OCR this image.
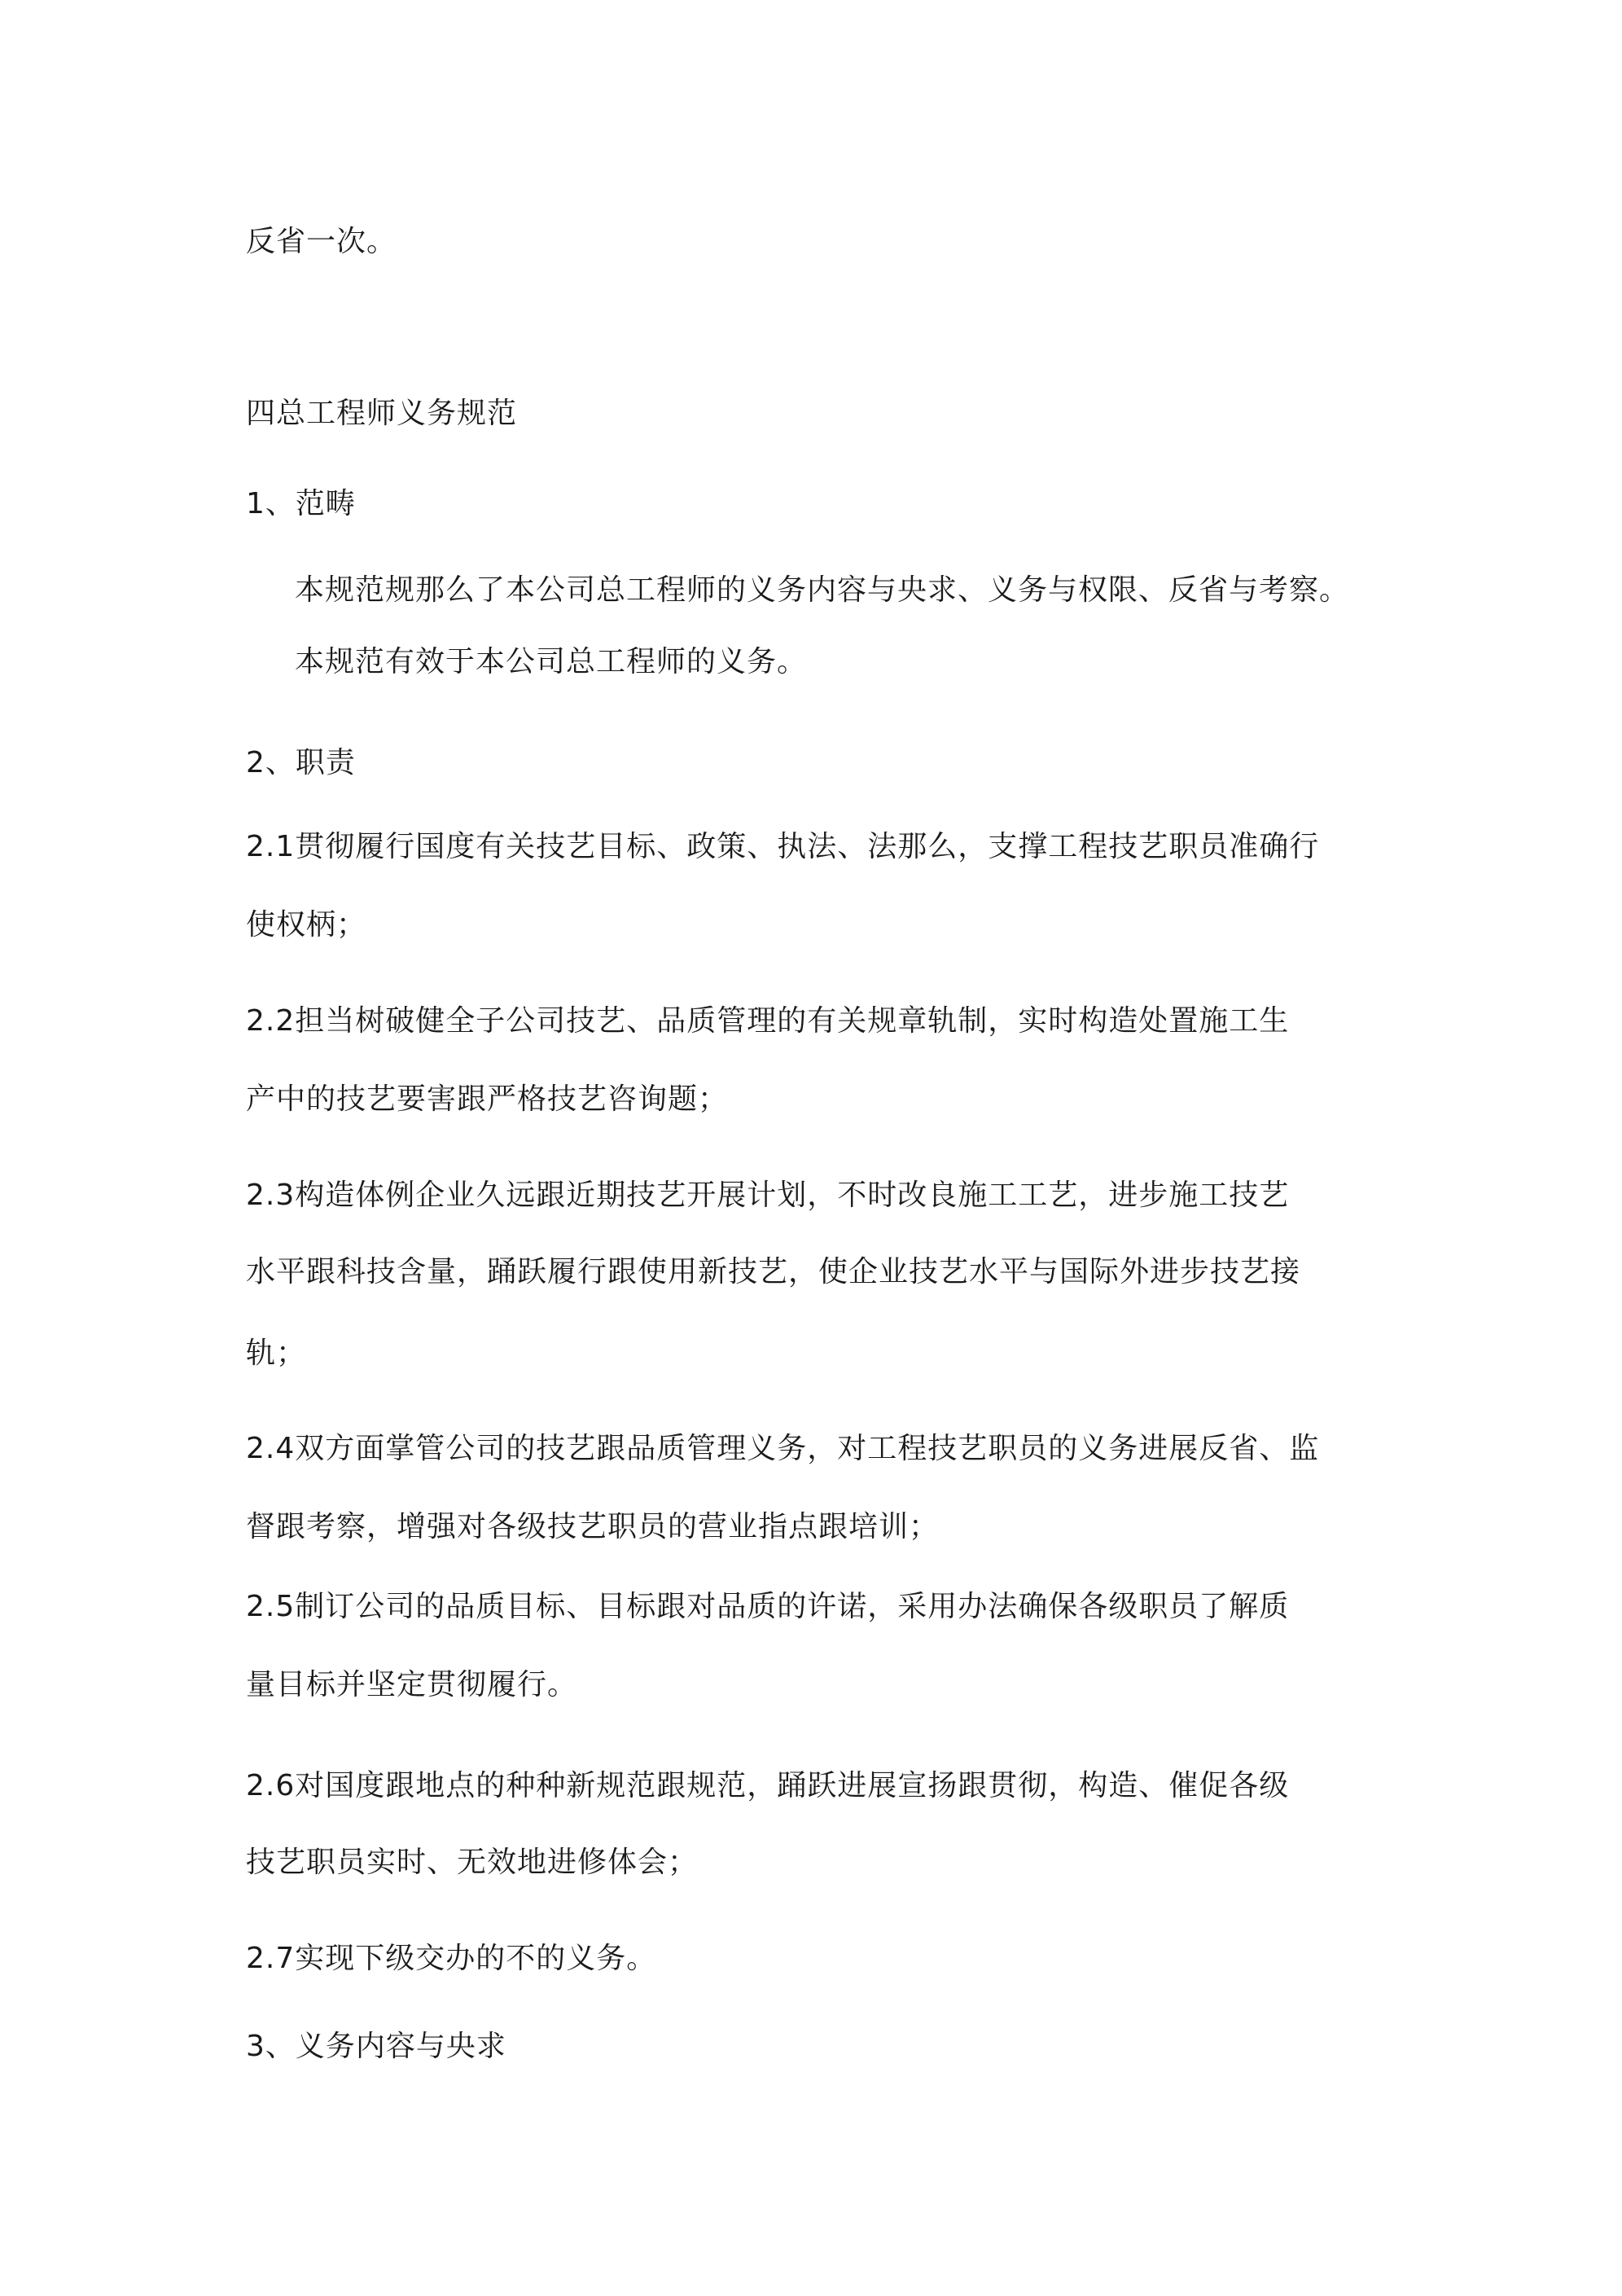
反省一次。
四总工程师义务规范
1、范畴
本规范规那么了本公司总工程师的义务内容与央求、义务与权限、反省与考察。
本规范有效于本公司总工程师的义务。
2、职责
2.1贯彻履行国度有关技艺目标、政策、执法、法那么，支撑工程技艺职员准确行
使权柄；
2.2担当树破健全子公司技艺、品质管理的有关规章轨制，实时构造处置施工生
产中的技艺要害跟严格技艺咨询题；
2.3构造体例企业久远跟近期技艺开展计划，不时改良施工工艺，进步施工技艺
水平跟科技含量，踊跃履行跟使用新技艺，使企业技艺水平与国际外进步技艺接
轨；
2.4双方面掌管公司的技艺跟品质管理义务，对工程技艺职员的义务进展反省、监
督跟考察，增强对各级技艺职员的营业指点跟培训；
2.5制订公司的品质目标、目标跟对品质的许诺，采用办法确保各级职员了解质
量目标并坚定贯彻履行。
2.6对国度跟地点的种种新规范跟规范，踊跃进展宣扬跟贯彻，构造、催促各级
技艺职员实时、无效地进修体会；
2.7实现下级交办的不的义务。
3、义务内容与央求
